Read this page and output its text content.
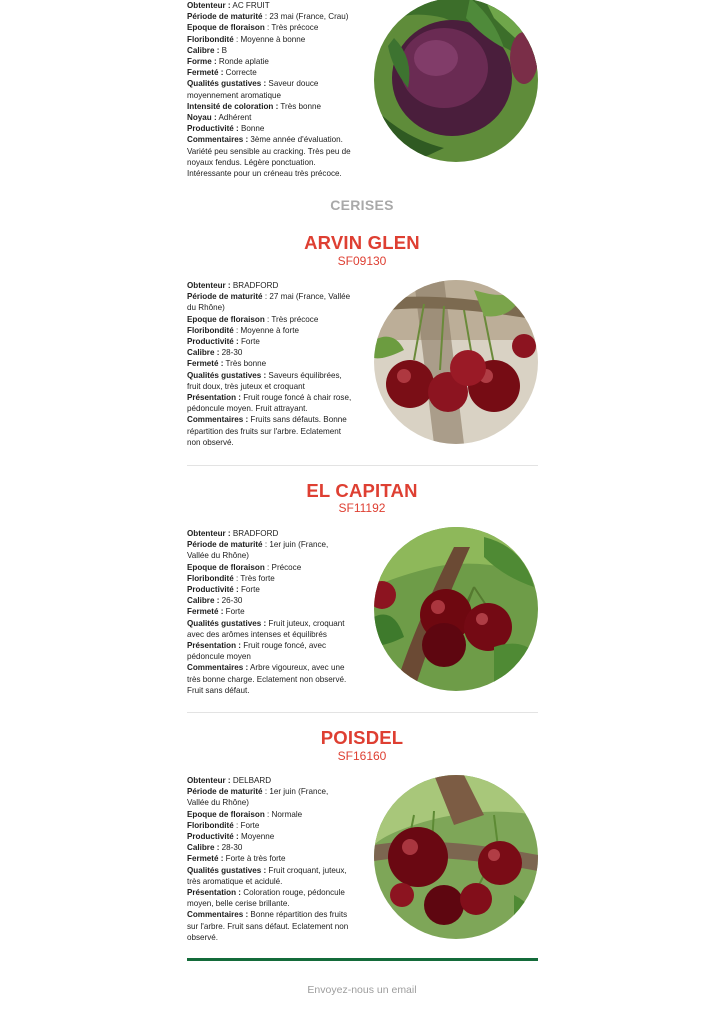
Obtenteur : AC FRUIT

Période de maturité : 23 mai (France, Crau)

Epoque de floraison : Très précoce

Floribondité : Moyenne à bonne

Calibre : B

Forme : Ronde aplatie

Fermeté : Correcte

Qualités gustatives : Saveur douce moyennement aromatique

Intensité de coloration : Très bonne

Noyau : Adhérent

Productivité : Bonne

Commentaires : 3ème année d'évaluation. Variété peu sensible au cracking. Très peu de noyaux fendus. Légère ponctuation. Intéressante pour un créneau très précoce.

CERISES
ARVIN GLEN
SF09130

Obtenteur : BRADFORD

Période de maturité : 27 mai (France, Vallée du Rhône)

Epoque de floraison : Très précoce

Floribondité : Moyenne à forte

Productivité : Forte

Calibre : 28-30

Fermeté : Très bonne

Qualités gustatives : Saveurs équilibrées, fruit doux, très juteux et croquant

Présentation : Fruit rouge foncé à chair rose, pédoncule moyen. Fruit attrayant.

Commentaires : Fruits sans défauts. Bonne répartition des fruits sur l'arbre. Eclatement non observé.

EL CAPITAN
SF11192

Obtenteur : BRADFORD

Période de maturité : 1er juin (France, Vallée du Rhône)

Epoque de floraison : Précoce

Floribondité : Très forte

Productivité : Forte

Calibre : 26-30

Fermeté : Forte

Qualités gustatives : Fruit juteux, croquant avec des arômes intenses et équilibrés

Présentation : Fruit rouge foncé, avec pédoncule moyen

Commentaires : Arbre vigoureux, avec une très bonne charge. Eclatement non observé. Fruit sans défaut.

POISDEL
SF16160

Obtenteur : DELBARD

Période de maturité : 1er juin (France, Vallée du Rhône)

Epoque de floraison : Normale

Floribondité : Forte

Productivité : Moyenne

Calibre : 28-30

Fermeté : Forte à très forte

Qualités gustatives : Fruit croquant, juteux, très aromatique et acidulé.

Présentation : Coloration rouge, pédoncule moyen, belle cerise brillante.

Commentaires : Bonne répartition des fruits sur l'arbre. Fruit sans défaut. Eclatement non observé.

Envoyez-nous un email
